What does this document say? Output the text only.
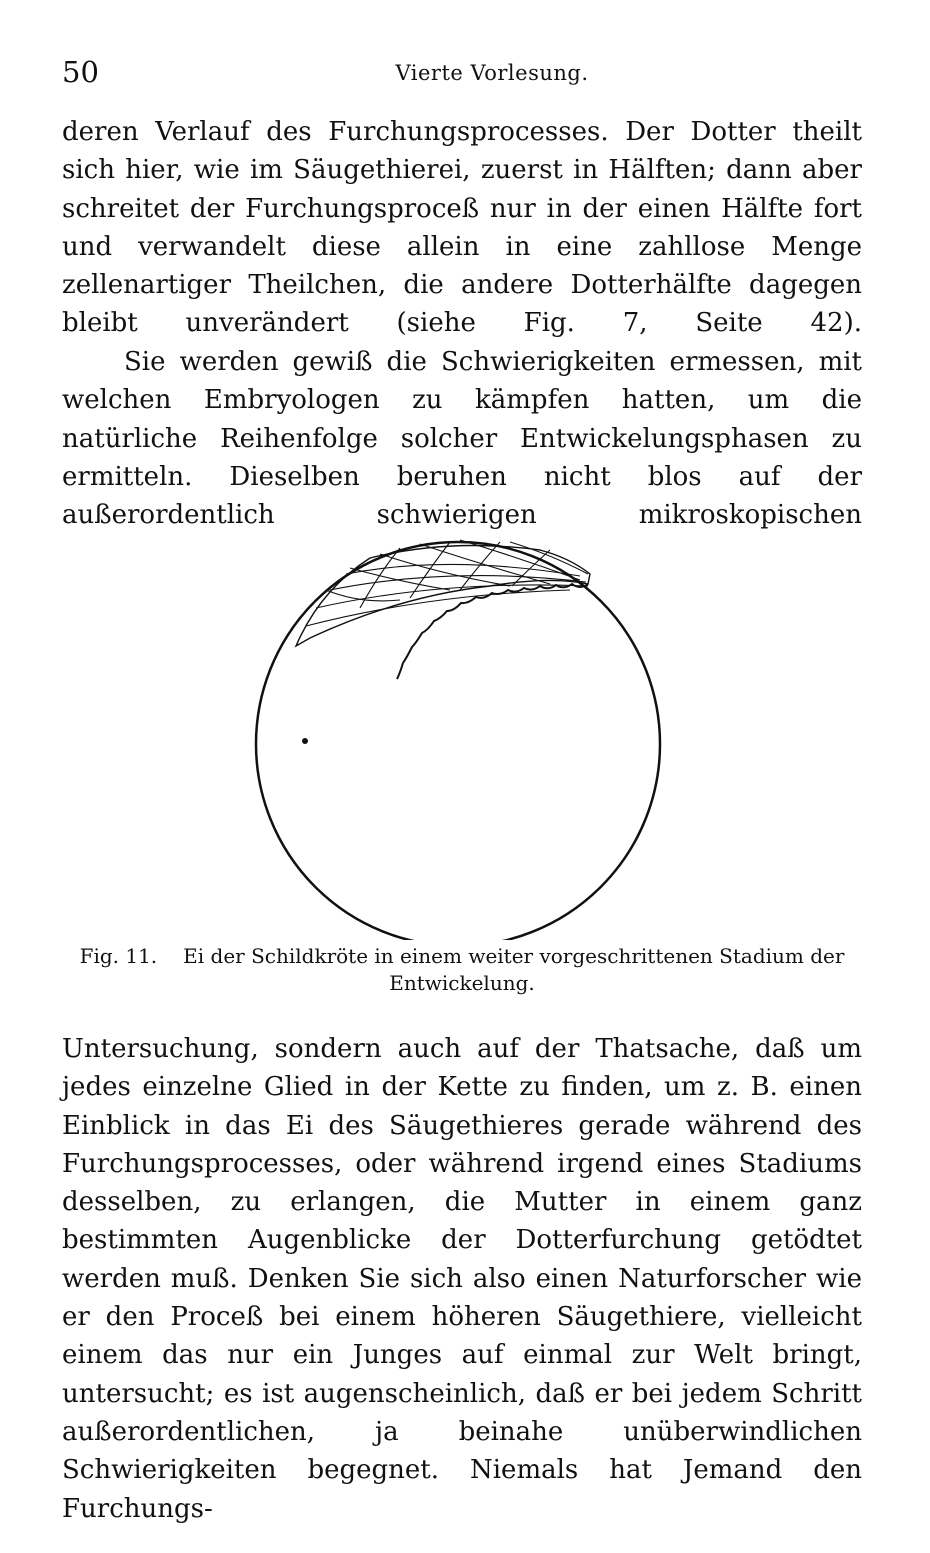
50	Vierte Vorlesung.

deren Verlauf des Furchungsprocesses. Der Dotter theilt sich hier, wie im Säugethierei, zuerst in Hälften; dann aber schreitet der Furchungsproceß nur in der einen Hälfte fort und verwandelt diese allein in eine zahllose Menge zellenartiger Theilchen, die andere Dotterhälfte dagegen bleibt unverändert (siehe Fig. 7, Seite 42).

Sie werden gewiß die Schwierigkeiten ermessen, mit welchen Embryologen zu kämpfen hatten, um die natürliche Reihenfolge solcher Entwickelungsphasen zu ermitteln. Dieselben beruhen nicht blos auf der außerordentlich schwierigen mikroskopischen

Fig. 11. Ei der Schildkröte in einem weiter vorgeschrittenen Stadium der Entwickelung.

Untersuchung, sondern auch auf der Thatsache, daß um jedes einzelne Glied in der Kette zu finden, um z. B. einen Einblick in das Ei des Säugethieres gerade während des Furchungsprocesses, oder während irgend eines Stadiums desselben, zu erlangen, die Mutter in einem ganz bestimmten Augenblicke der Dotterfurchung getödtet werden muß. Denken Sie sich also einen Naturforscher wie er den Proceß bei einem höheren Säugethiere, vielleicht einem das nur ein Junges auf einmal zur Welt bringt, untersucht; es ist augenscheinlich, daß er bei jedem Schritt außerordentlichen, ja beinahe unüberwindlichen Schwierigkeiten begegnet. Niemals hat Jemand den Furchungs-
